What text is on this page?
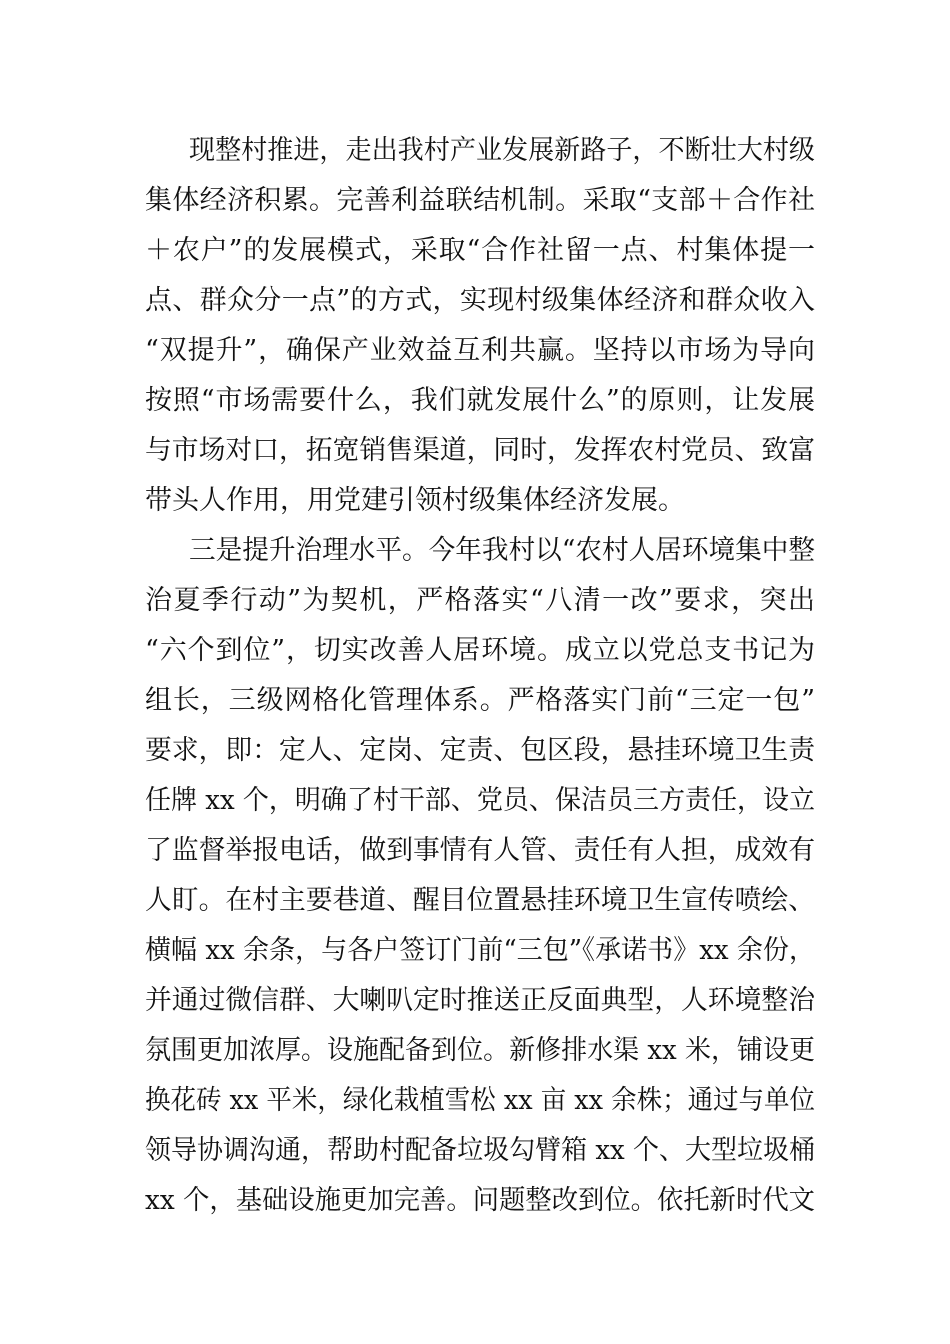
现整村推进，走出我村产业发展新路子，不断壮大村级
集体经济积累。完善利益联结机制。采取“支部＋合作社
＋农户”的发展模式，采取“合作社留一点、村集体提一
点、群众分一点”的方式，实现村级集体经济和群众收入
“双提升”，确保产业效益互利共赢。坚持以市场为导向
按照“市场需要什么，我们就发展什么”的原则，让发展
与市场对口，拓宽销售渠道，同时，发挥农村党员、致富
带头人作用，用党建引领村级集体经济发展。
三是提升治理水平。今年我村以“农村人居环境集中整
治夏季行动”为契机，严格落实“八清一改”要求，突出
“六个到位”，切实改善人居环境。成立以党总支书记为
组长，三级网格化管理体系。严格落实门前“三定一包”
要求，即：定人、定岗、定责、包区段，悬挂环境卫生责
任牌 xx 个，明确了村干部、党员、保洁员三方责任，设立
了监督举报电话，做到事情有人管、责任有人担，成效有
人盯。在村主要巷道、醒目位置悬挂环境卫生宣传喷绘、
横幅 xx 余条，与各户签订门前“三包”《承诺书》xx 余份，
并通过微信群、大喇叭定时推送正反面典型，人环境整治
氛围更加浓厚。设施配备到位。新修排水渠 xx 米，铺设更
换花砖 xx 平米，绿化栽植雪松 xx 亩 xx 余株；通过与单位
领导协调沟通，帮助村配备垃圾勾臂箱 xx 个、大型垃圾桶
xx 个，基础设施更加完善。问题整改到位。依托新时代文
